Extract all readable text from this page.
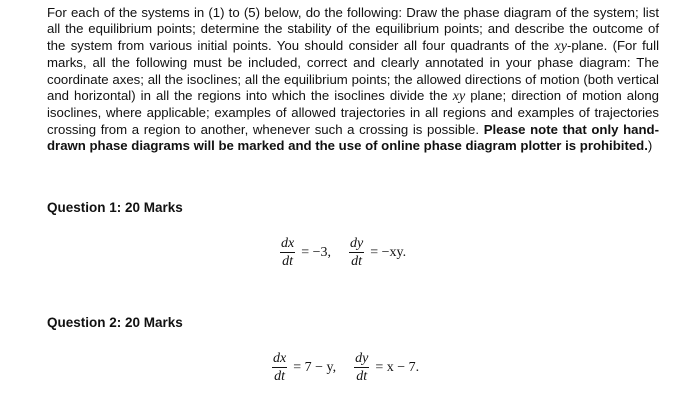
For each of the systems in (1) to (5) below, do the following: Draw the phase diagram of the system; list all the equilibrium points; determine the stability of the equilibrium points; and describe the outcome of the system from various initial points. You should consider all four quadrants of the xy-plane. (For full marks, all the following must be included, correct and clearly annotated in your phase diagram: The coordinate axes; all the isoclines; all the equilibrium points; the allowed directions of motion (both vertical and horizontal) in all the regions into which the isoclines divide the xy plane; direction of motion along isoclines, where applicable; examples of allowed trajectories in all regions and examples of trajectories crossing from a region to another, whenever such a crossing is possible. Please note that only hand-drawn phase diagrams will be marked and the use of online phase diagram plotter is prohibited.)

Question 1: 20 Marks
$\frac{dx}{dt} = -3$, $\frac{dy}{dt} = -xy$.
Question 2: 20 Marks
$\frac{dx}{dt} = 7 - y$, $\frac{dy}{dt} = x - 7$.
